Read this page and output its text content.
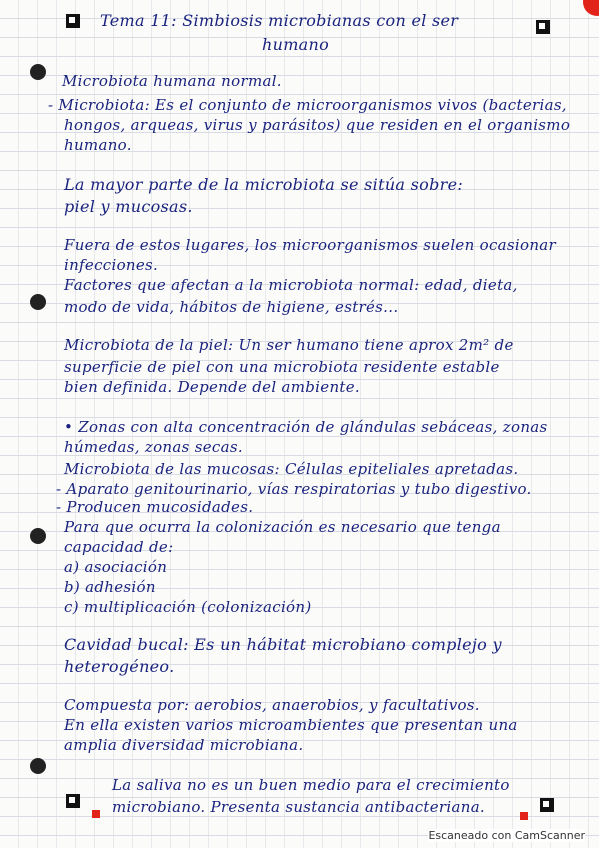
Tema 11: Simbiosis microbianas con el ser
humano
Microbiota humana normal.
- Microbiota: Es el conjunto de microorganismos vivos (bacterias,
hongos, arqueas, virus y parásitos) que residen en el organismo
humano.
La mayor parte de la microbiota se sitúa sobre:
piel y mucosas.
Fuera de estos lugares, los microorganismos suelen ocasionar
infecciones.
Factores que afectan a la microbiota normal: edad, dieta,
modo de vida, hábitos de higiene, estrés...
Microbiota de la piel: Un ser humano tiene aprox 2m² de
superficie de piel con una microbiota residente estable
bien definida. Depende del ambiente.
• Zonas con alta concentración de glándulas sebáceas, zonas
húmedas, zonas secas.
Microbiota de las mucosas: Células epiteliales apretadas.
- Aparato genitourinario, vías respiratorias y tubo digestivo.
- Producen mucosidades.
Para que ocurra la colonización es necesario que tenga
capacidad de:
a) asociación
b) adhesión
c) multiplicación (colonización)
Cavidad bucal: Es un hábitat microbiano complejo y
heterogéneo.
Compuesta por: aerobios, anaerobios, y facultativos.
En ella existen varios microambientes que presentan una
amplia diversidad microbiana.
La saliva no es un buen medio para el crecimiento
microbiano. Presenta sustancia antibacteriana.
Escaneado con CamScanner
